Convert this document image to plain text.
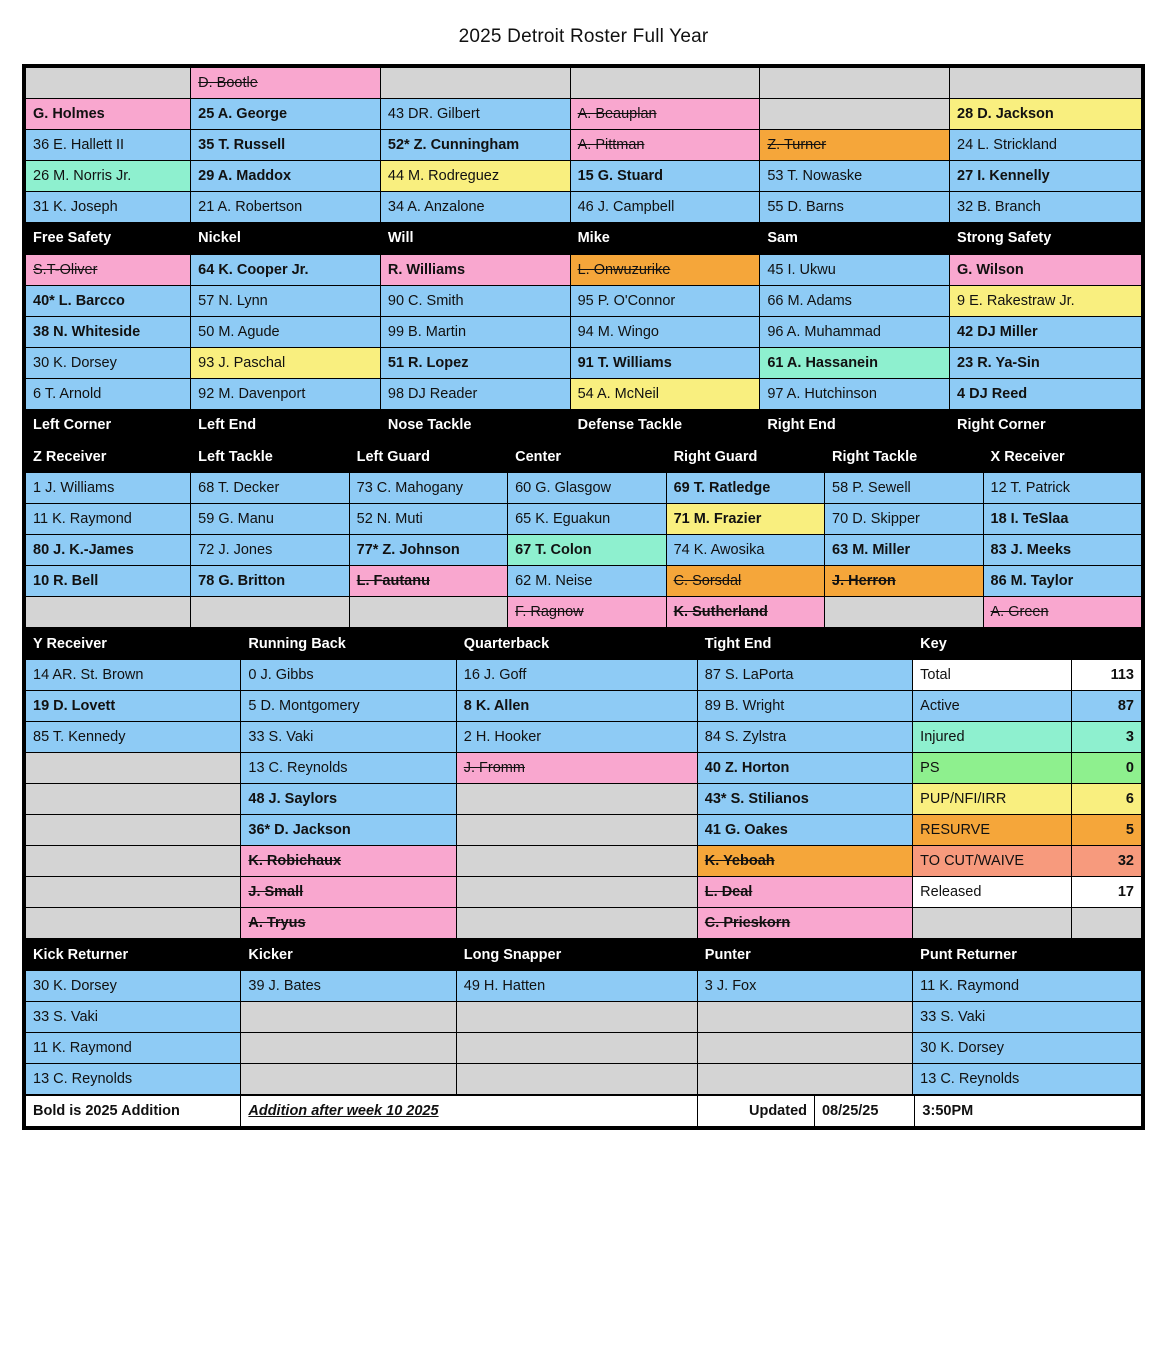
2025 Detroit Roster Full Year
	D. Bootle				
G. Holmes	25 A. George	43 DR. Gilbert	A. Beauplan		28 D. Jackson
36 E. Hallett II	35 T. Russell	52* Z. Cunningham	A. Pittman	Z. Turner	24 L. Strickland
26 M. Norris Jr.	29 A. Maddox	44 M. Rodreguez	15 G. Stuard	53 T. Nowaske	27 I. Kennelly
31 K. Joseph	21 A. Robertson	34 A. Anzalone	46 J. Campbell	55 D. Barns	32 B. Branch
Free Safety	Nickel	Will	Mike	Sam	Strong Safety
S.T-Oliver	64 K. Cooper Jr.	R. Williams	L. Onwuzurike	45 I. Ukwu	G. Wilson
40* L. Barcco	57 N. Lynn	90 C. Smith	95 P. O'Connor	66 M. Adams	9 E. Rakestraw Jr.
38 N. Whiteside	50 M. Agude	99 B. Martin	94 M. Wingo	96 A. Muhammad	42 DJ Miller
30 K. Dorsey	93 J. Paschal	51 R. Lopez	91 T. Williams	61 A. Hassanein	23 R. Ya-Sin
6 T. Arnold	92 M. Davenport	98 DJ Reader	54 A. McNeil	97 A. Hutchinson	4 DJ Reed
Left Corner	Left End	Nose Tackle	Defense Tackle	Right End	Right Corner
Z Receiver	Left Tackle	Left Guard	Center	Right Guard	Right Tackle	X Receiver
1 J. Williams	68 T. Decker	73 C. Mahogany	60 G. Glasgow	69 T. Ratledge	58 P. Sewell	12 T. Patrick
11 K. Raymond	59 G. Manu	52 N. Muti	65 K. Eguakun	71 M. Frazier	70 D. Skipper	18 I. TeSlaa
80 J. K.-James	72 J. Jones	77* Z. Johnson	67 T. Colon	74 K. Awosika	63 M. Miller	83 J. Meeks
10 R. Bell	78 G. Britton	L. Fautanu	62 M. Neise	C. Sorsdal	J. Herron	86 M. Taylor
			F. Ragnow	K. Sutherland		A. Green
Y Receiver	Running Back	Quarterback	Tight End	Key	
14 AR. St. Brown	0 J. Gibbs	16 J. Goff	87 S. LaPorta	Total	113
19 D. Lovett	5 D. Montgomery	8 K. Allen	89 B. Wright	Active	87
85 T. Kennedy	33 S. Vaki	2 H. Hooker	84 S. Zylstra	Injured	3
	13 C. Reynolds	J. Fromm	40 Z. Horton	PS	0
	48 J. Saylors		43* S. Stilianos	PUP/NFI/IRR	6
	36* D. Jackson		41 G. Oakes	RESURVE	5
	K. Robichaux		K. Yeboah	TO CUT/WAIVE	32
	J. Small		L. Deal	Released	17
	A. Tryus		C. Prieskorn		
Kick Returner	Kicker	Long Snapper	Punter	Punt Returner
30 K. Dorsey	39 J. Bates	49 H. Hatten	3 J. Fox	11 K. Raymond
33 S. Vaki				33 S. Vaki
11 K. Raymond				30 K. Dorsey
13 C. Reynolds				13 C. Reynolds
Bold is 2025 Addition	Addition after week 10 2025	Updated	08/25/25	3:50PM
